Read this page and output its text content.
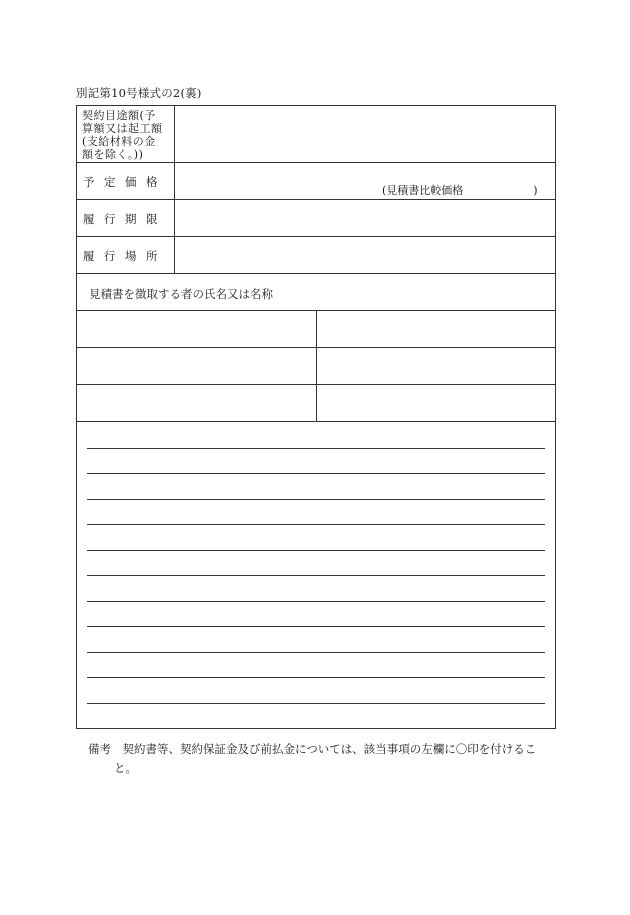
別記第10号様式の2(裏)
契約目途額(予
算額又は起工額
(支給材料の金
額を除く。))
予定価格
(見積書比較価格	)
履行期限
履行場所
見積書を徴取する者の氏名又は名称
備考　契約書等、契約保証金及び前払金については、該当事項の左欄に〇印を付けるこ
と。
